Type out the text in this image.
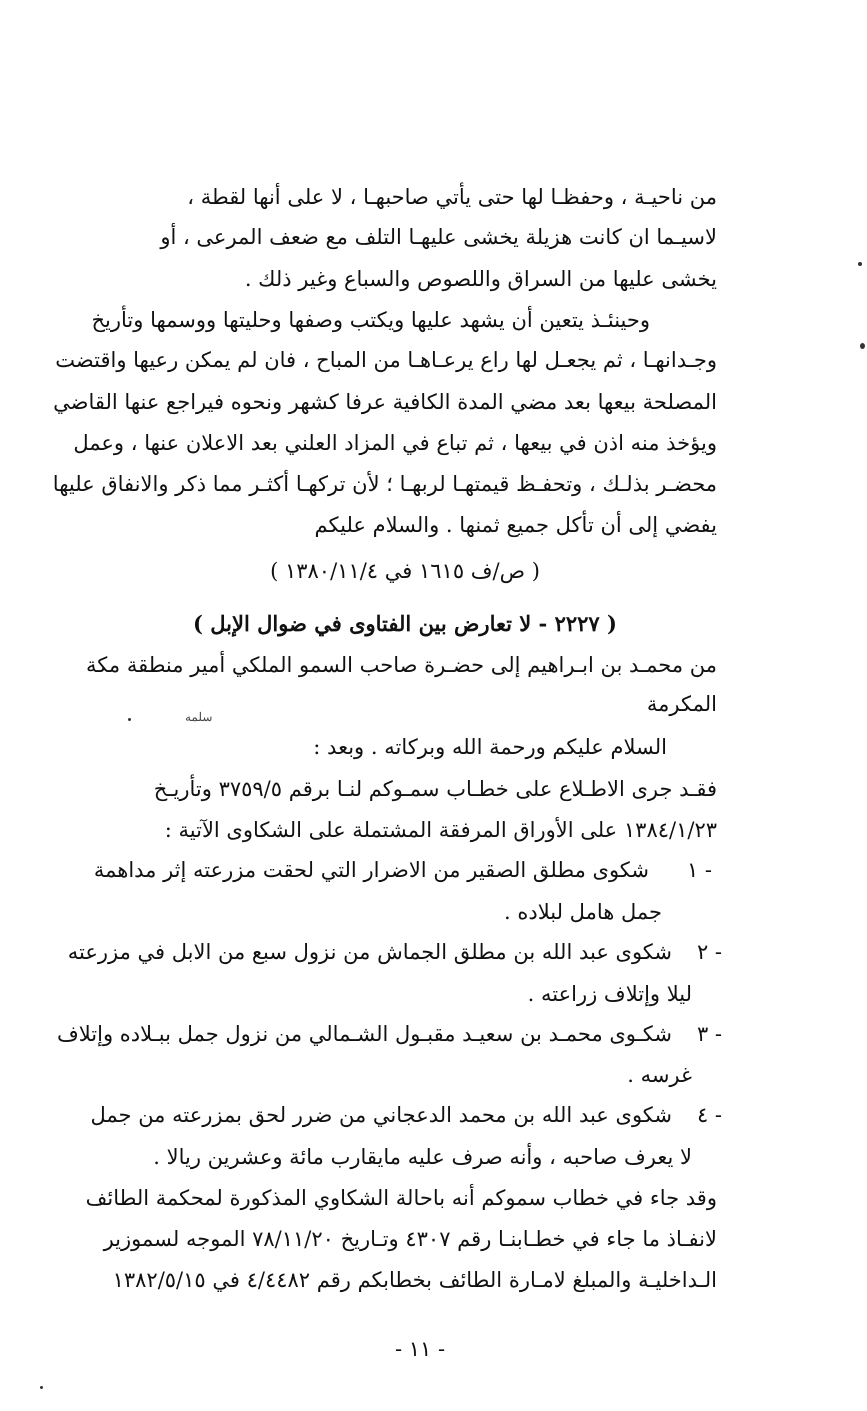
من ناحيـة ، وحفظـا لها حتى يأتي صاحبهـا ، لا على أنها لقطة ،
لاسيـما ان كانت هزيلة يخشى عليهـا التلف مع ضعف المرعى ، أو
يخشى عليها من السراق واللصوص والسباع وغير ذلك .
وحينئـذ يتعين أن يشهد عليها ويكتب وصفها وحليتها ووسمها وتأريخ
وجـدانهـا ، ثم يجعـل لها راع يرعـاهـا من المباح ، فان لم يمكن رعيها واقتضت
المصلحة بيعها بعد مضي المدة الكافية عرفا كشهر ونحوه فيراجع عنها القاضي
ويؤخذ منه اذن في بيعها ، ثم تباع في المزاد العلني بعد الاعلان عنها ، وعمل
محضـر بذلـك ، وتحفـظ قيمتهـا لربهـا ؛ لأن تركهـا أكثـر مما ذكر والانفاق عليها
يفضي إلى أن تأكل جميع ثمنها . والسلام عليكم
( ص/ف ١٦١٥ في ١٣٨٠/١١/٤ )
( ٢٢٢٧ - لا تعارض بين الفتاوى في ضوال الإبل )
من محمـد بن ابـراهيم إلى حضـرة صاحب السمو الملكي أمير منطقة مكة
المكرمة
سلمه
السلام عليكم ورحمة الله وبركاته . وبعد :
فقـد جرى الاطـلاع على خطـاب سمـوكم لنـا برقم ٣٧٥٩/٥ وتأريـخ
١٣٨٤/١/٢٣ على الأوراق المرفقة المشتملة على الشكاوى الآتية :
١ -
شكوى مطلق الصقير من الاضرار التي لحقت مزرعته إثر مداهمة
جمل هامل لبلاده .
٢ -
شكوى عبد الله بن مطلق الجماش من نزول سبع من الابل في مزرعته
ليلا وإتلاف زراعته .
٣ -
شكـوى محمـد بن سعيـد مقبـول الشـمالي من نزول جمل ببـلاده وإتلاف
غرسه .
٤ -
شكوى عبد الله بن محمد الدعجاني من ضرر لحق بمزرعته من جمل
لا يعرف صاحبه ، وأنه صرف عليه مايقارب مائة وعشرين ريالا .
وقد جاء في خطاب سموكم أنه باحالة الشكاوي المذكورة لمحكمة الطائف
لانفـاذ ما جاء في خطـابنـا رقم ٤٣٠٧ وتـاريخ ٧٨/١١/٢٠ الموجه لسموزير
الـداخليـة والمبلغ لامـارة الطائف بخطابكم رقم ٤/٤٤٨٢ في ١٣٨٢/٥/١٥
- ١١ -
